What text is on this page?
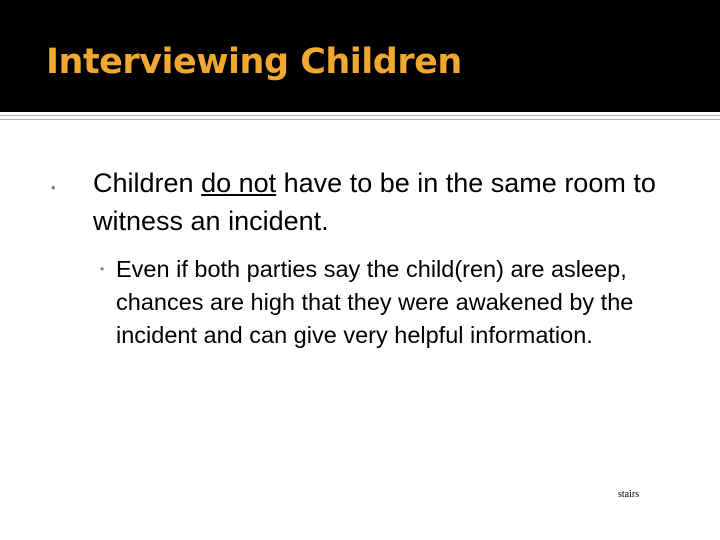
Interviewing Children
• Children do not have to be in the same room to witness an incident.
• Even if both parties say the child(ren) are asleep, chances are high that they were awakened by the incident and can give very helpful information.
stairs
